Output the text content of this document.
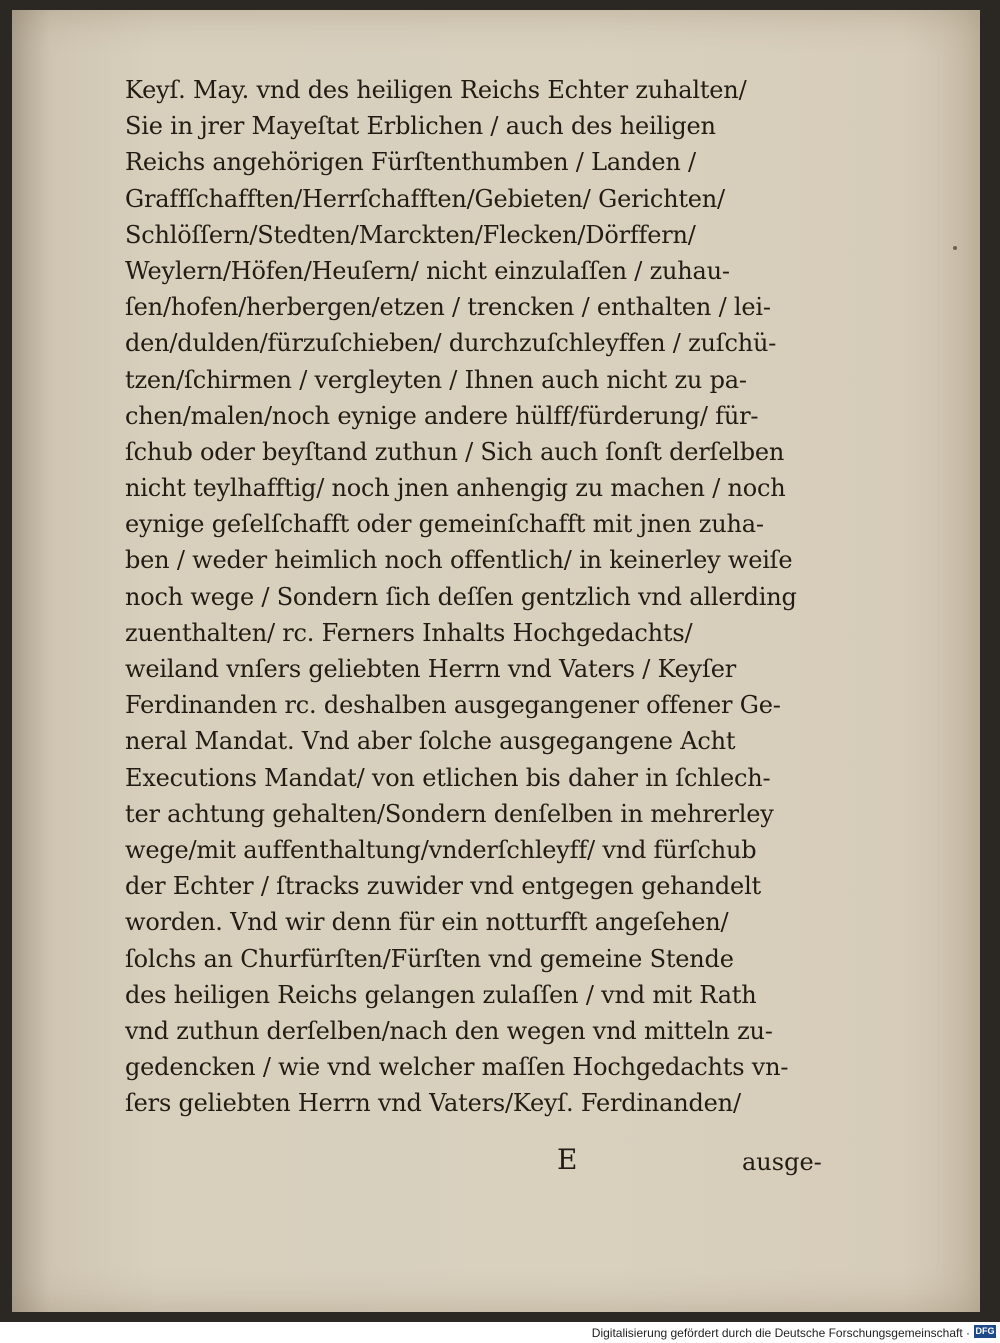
Keyſ. May. vnd des heiligen Reichs Echter zuhalten/
Sie in jrer Mayeſtat Erblichen / auch des heiligen
Reichs angehörigen Fürſtenthumben / Landen /
Graffſchafften/Herrſchafften/Gebieten/ Gerichten/
Schlöſſern/Stedten/Marckten/Flecken/Dörffern/
Weylern/Höfen/Heuſern/ nicht einzulaſſen / zuhau-
ſen/hofen/herbergen/etzen / trencken / enthalten / lei-
den/dulden/fürzuſchieben/ durchzuſchleyffen / zuſchü-
tzen/ſchirmen / vergleyten / Ihnen auch nicht zu pa-
chen/malen/noch eynige andere hülff/fürderung/ für-
ſchub oder beyſtand zuthun / Sich auch ſonſt derſelben
nicht teylhafftig/ noch jnen anhengig zu machen / noch
eynige geſelſchafft oder gemeinſchafft mit jnen zuha-
ben / weder heimlich noch offentlich/ in keinerley weiſe
noch wege / Sondern ſich deſſen gentzlich vnd allerding
zuenthalten/ rc. Ferners Inhalts Hochgedachts/
weiland vnſers geliebten Herrn vnd Vaters / Keyſer
Ferdinanden rc. deshalben ausgegangener offener Ge-
neral Mandat. Vnd aber ſolche ausgegangene Acht
Executions Mandat/ von etlichen bis daher in ſchlech-
ter achtung gehalten/Sondern denſelben in mehrerley
wege/mit auffenthaltung/vnderſchleyff/ vnd fürſchub
der Echter / ſtracks zuwider vnd entgegen gehandelt
worden. Vnd wir denn für ein notturfft angeſehen/
ſolchs an Churfürſten/Fürſten vnd gemeine Stende
des heiligen Reichs gelangen zulaſſen / vnd mit Rath
vnd zuthun derſelben/nach den wegen vnd mitteln zu-
gedencken / wie vnd welcher maſſen Hochgedachts vn-
ſers geliebten Herrn vnd Vaters/Keyſ. Ferdinanden/
E	ausge-
Digitalisierung gefördert durch die Deutsche Forschungsgemeinschaft · DFG
